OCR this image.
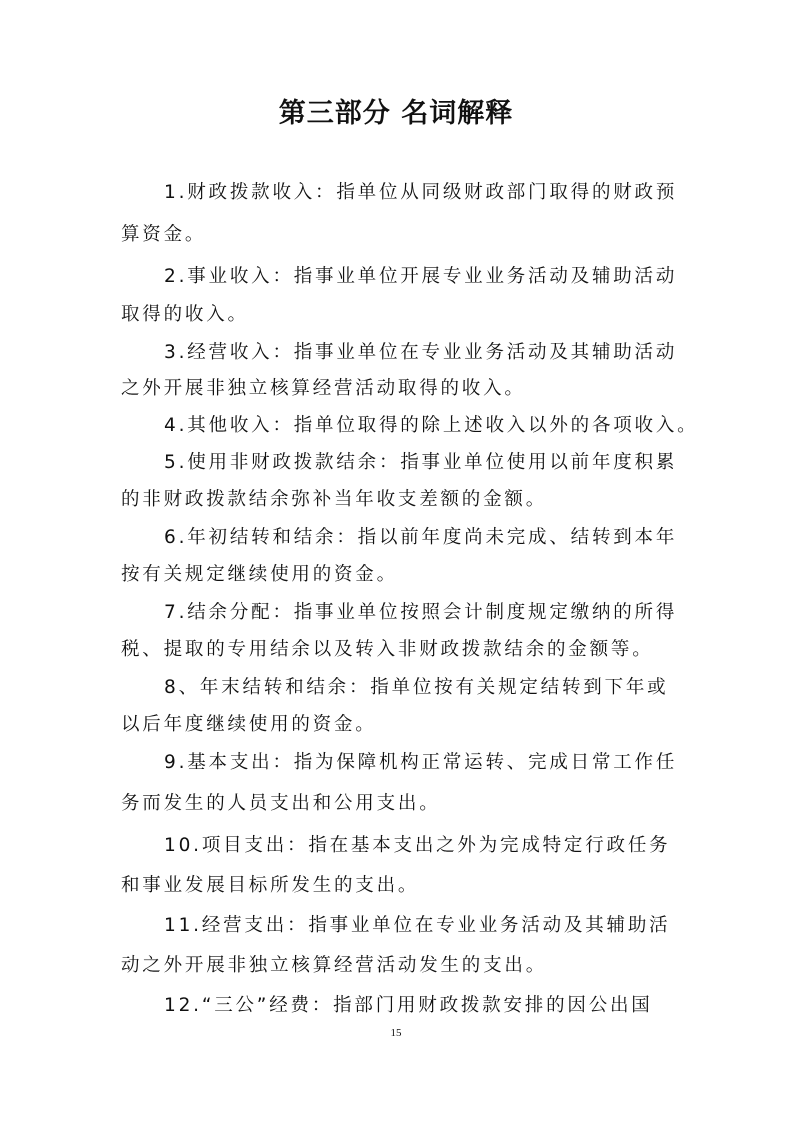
第三部分 名词解释
1.财政拨款收入：指单位从同级财政部门取得的财政预
算资金。
2.事业收入：指事业单位开展专业业务活动及辅助活动
取得的收入。
3.经营收入：指事业单位在专业业务活动及其辅助活动
之外开展非独立核算经营活动取得的收入。
4.其他收入：指单位取得的除上述收入以外的各项收入。
5.使用非财政拨款结余：指事业单位使用以前年度积累
的非财政拨款结余弥补当年收支差额的金额。
6.年初结转和结余：指以前年度尚未完成、结转到本年
按有关规定继续使用的资金。
7.结余分配：指事业单位按照会计制度规定缴纳的所得
税、提取的专用结余以及转入非财政拨款结余的金额等。
8、年末结转和结余：指单位按有关规定结转到下年或
以后年度继续使用的资金。
9.基本支出：指为保障机构正常运转、完成日常工作任
务而发生的人员支出和公用支出。
10.项目支出：指在基本支出之外为完成特定行政任务
和事业发展目标所发生的支出。
11.经营支出：指事业单位在专业业务活动及其辅助活
动之外开展非独立核算经营活动发生的支出。
12.“三公”经费：指部门用财政拨款安排的因公出国
15
